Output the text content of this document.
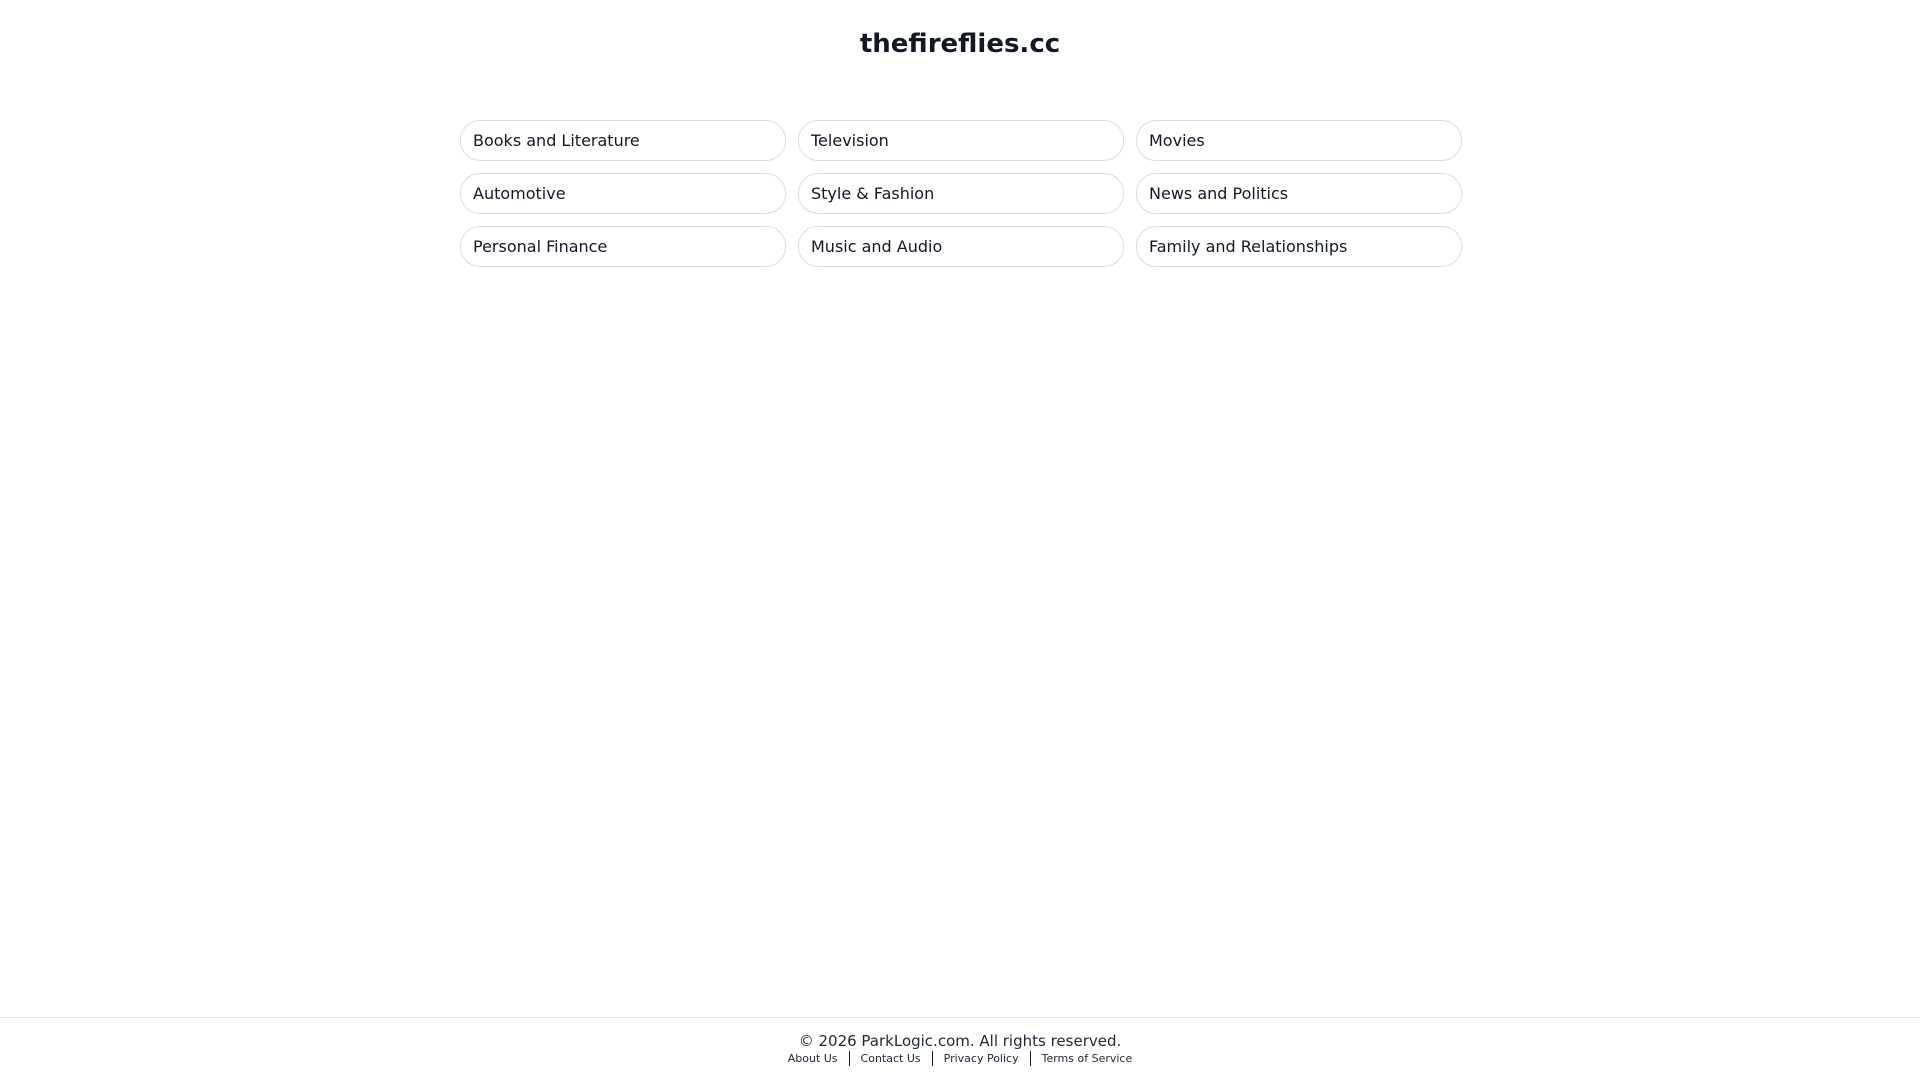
thefireflies.cc
Books and Literature	Television	Movies
Automotive	Style & Fashion	News and Politics
Personal Finance	Music and Audio	Family and Relationships
© 2026 ParkLogic.com. All rights reserved.
About Us	Contact Us	Privacy Policy	Terms of Service
